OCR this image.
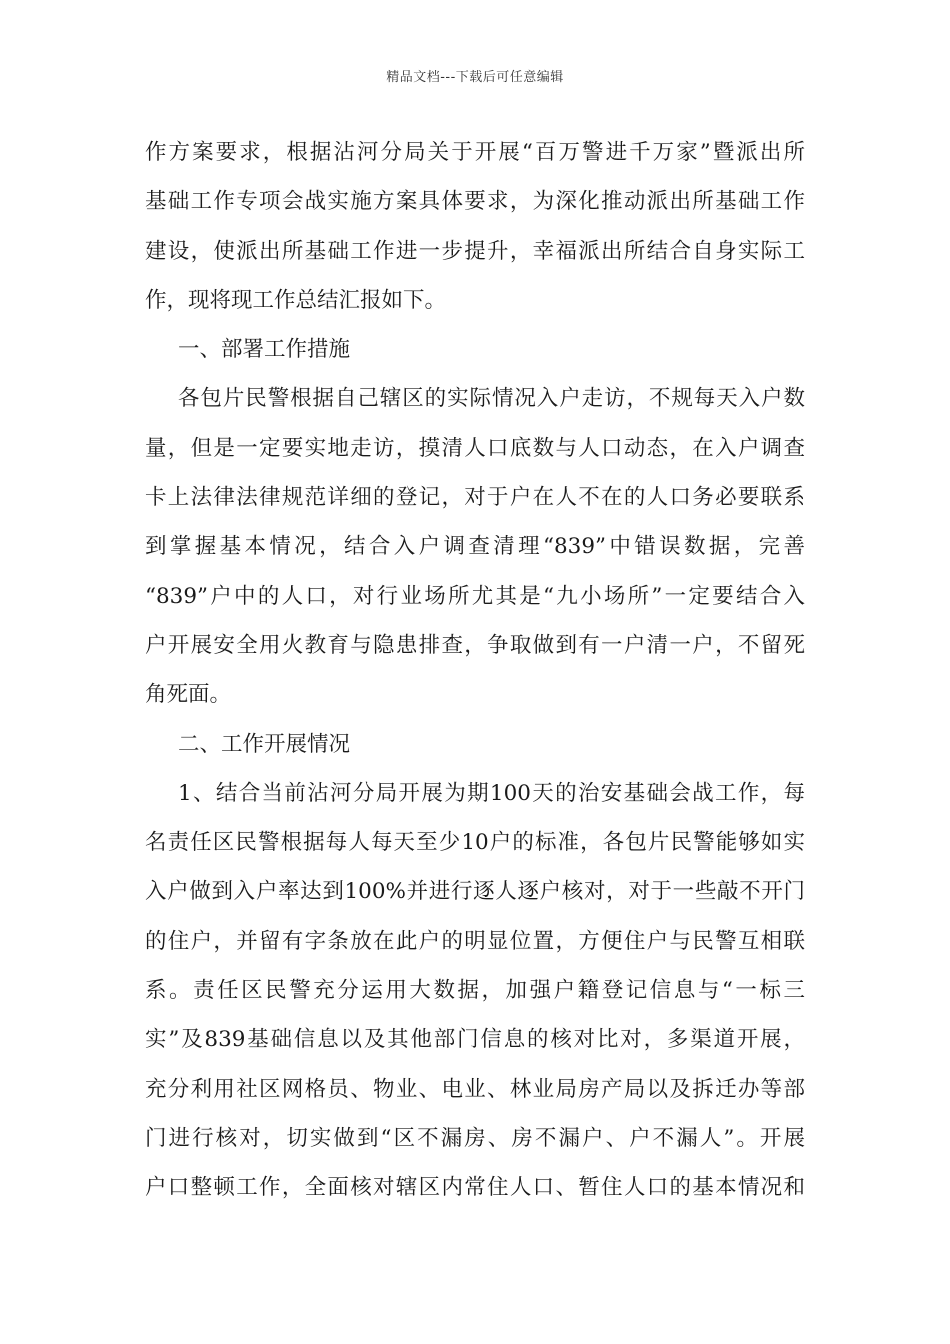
精品文档---下载后可任意编辑
作方案要求，根据沾河分局关于开展“百万警进千万家”暨派出所
基础工作专项会战实施方案具体要求，为深化推动派出所基础工作
建设，使派出所基础工作进一步提升，幸福派出所结合自身实际工
作，现将现工作总结汇报如下。
一、部署工作措施
各包片民警根据自己辖区的实际情况入户走访，不规每天入户数
量，但是一定要实地走访，摸清人口底数与人口动态，在入户调查
卡上法律法律规范详细的登记，对于户在人不在的人口务必要联系
到掌握基本情况，结合入户调查清理“839”中错误数据，完善
“839”户中的人口，对行业场所尤其是“九小场所”一定要结合入
户开展安全用火教育与隐患排查，争取做到有一户清一户，不留死
角死面。
二、工作开展情况
1、结合当前沾河分局开展为期100天的治安基础会战工作，每
名责任区民警根据每人每天至少10户的标准，各包片民警能够如实
入户做到入户率达到100%并进行逐人逐户核对，对于一些敲不开门
的住户，并留有字条放在此户的明显位置，方便住户与民警互相联
系。责任区民警充分运用大数据，加强户籍登记信息与“一标三
实”及839基础信息以及其他部门信息的核对比对，多渠道开展，
充分利用社区网格员、物业、电业、林业局房产局以及拆迁办等部
门进行核对，切实做到“区不漏房、房不漏户、户不漏人”。开展
户口整顿工作，全面核对辖区内常住人口、暂住人口的基本情况和
